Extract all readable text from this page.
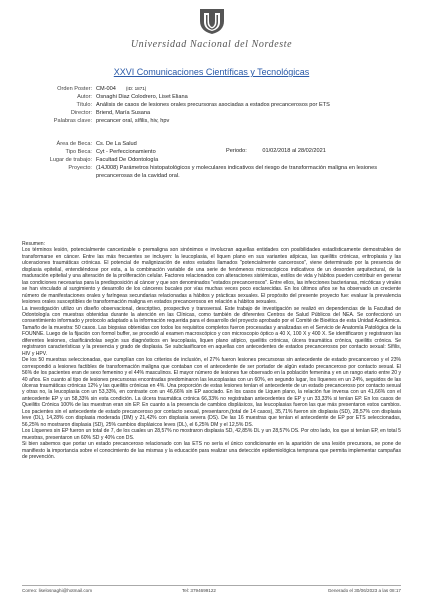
Universidad Nacional del Nordeste
XXVI Comunicaciones Científicas y Tecnológicas
Orden Poster: CM-004 (ID: 1871)
Autor: Osnaghi Diaz Colodrero, Liset Eliana
Título: Análisis de casos de lesiones orales precursoras asociadas a estados precancerosos por ETS
Director: Briend, María Susana
Palabras clave: precancer oral, sífilis, hiv, hpv
Área de Beca: Cs. De La Salud
Tipo Beca: Cyt - Perfeccionamiento
Lugar de trabajo: Facultad De Odontología
Proyecto: (14J008) Parámetros histopatológicos y moleculares indicativos del riesgo de transformación maligna en lesiones precancerosas de la cavidad oral.
Periodo:	01/02/2018 al 28/02/2021

Resumen:

Los términos lesión, potencialmente cancerizable o premaligna son sinónimos e involucran aquellas entidades con posibilidades estadísticamente demostrables de transformarse en cáncer. Entre las más frecuentes se incluyen: la leucoplasia, el liquen plano en sus variantes atípicas, las queilitis crónicas, eritroplasia y las ulceraciones traumáticas crónicas. El potencial de malignización de estos estados llamados "potencialmente cancerosos", viene determinado por la presencia de displasia epitelial, entendiéndose por esta, a la combinación variable de una serie de fenómenos microscópicos indicativos de un desorden arquitectural, de la maduración epitelial y una alteración de la proliferación celular. Factores relacionados con alteraciones sistémicas, estilos de vida y hábitos pueden contribuir en generar las condiciones necesarias para la predisposición al cáncer y que son denominados "estados precancerosos". Entre ellos, las infecciones bacterianas, micóticas y virales se han vinculado al surgimiento y desarrollo de los cánceres bucales por vías muchas veces poco esclarecidas. En los últimos años se ha observado un creciente número de manifestaciones orales y faríngeas secundarias relacionadas a hábitos y prácticas sexuales. El propósito del presente proyecto fue: evaluar la prevalencia lesiones orales susceptibles de transformación maligna en estados precancerosos en relación a hábitos sexuales.

La investigación utilizo un diseño observacional, descriptivo, prospectivo y transversal. Este trabajo de investigación se realizó en dependencias de la Facultad de Odontología con muestras obtenidas durante la atención en las Clínicas, como también de diferentes Centros de Salud Públicos del NEA. Se confeccionó un consentimiento informado y protocolo adaptado a la información requerida para el desarrollo del proyecto aprobado por el Comité de Bioética de esta Unidad Académica. Tamaño de la muestra: 50 casos. Las biopsias obtenidas con todos los requisitos completos fueron procesadas y analizadas en el Servicio de Anatomía Patológica de la FOUNNE. Luego de la fijación con formol buffer, se procedió al examen macroscópico y con microscopio óptico a 40 X, 100 X y 400 X. Se identificaron y registraron las diferentes lesiones, clasificándolas según sus diagnósticos en leucoplasia, liquen plano atípico, queilitis crónicas, úlcera traumática crónica, queilitis crónica. Se registraron características y la presencia y grado de displasia. Se subclasificaron en aquellas con antecedentes de estados precancerosos por contacto sexual: Sífilis, HIV y HPV.

De los 50 muestras seleccionadas, que cumplían con los criterios de inclusión, el 27% fueron lesiones precursoras sin antecedente de estado precanceroso y el 23% correspondió a lesiones factibles de transformación maligna que contaban con el antecedente de ser portador de algún estado precanceroso por contacto sexual. El 56% de los pacientes eran de sexo femenino y el 44% masculinos. El mayor número de lesiones fue observado en la población femenina y en un rango etario entre 20 y 40 años. En cuanto al tipo de lesiones precursoras encontradas predominaron las leucoplasias con un 60%, en segundo lugar, los líquenes en un 24%, seguidos de las úlceras traumáticas crónicas 12% y las queilitis crónicas en 4%. Una proporción de estas lesiones tenían el antecedente de un estado precanceroso por contacto sexual y otras no, la leucoplasia con un 53,33%, en contraste con un 46,66% sin EP asociado. En los casos de Liquen plano, la relación fue inversa con un 41,66% con el antecedente EP y un 58,33% sin esta condición. La úlcera traumática crónica 66,33% no registraban antecedentes de EP y un 33,33% si tenían EP. En los casos de Queilitis Crónica 100% de las muestran eran sin EP. En cuanto a la presencia de cambios displásicos, las leucoplasias fueron las que más presentaron estos cambios. Los pacientes sin el antecedente de estado precanceroso por contacto sexual, presentaron,(total de 14 casos), 35,71% fueron sin displasia (SD), 28,57% con displasia leve (DL), 14,28% con displasia moderada (DM) y 21,42% con displasia severa (DS). De las 16 muestras que tenían el antecedente de EP por ETS seleccionadas, 56,25% no mostraron displasia (SD), 25% cambios displásicos leves (DL), el 6,25% DM y el 12,5% DS.

Los Líquenes sin EP fueron un total de 7, de los cuales un 28,57% no mostraron displasia SD, 42,85% DL y un 28,57% DS. Por otro lado, los que si tenían EP, en total 5 muestras, presentaron un 60% SD y 40% con DS.

Si bien sabemos que portar un estado precanceroso relacionado con las ETS no sería el único condicionante en la aparición de una lesión precursora, se pone de manifiesto la importancia sobre el conocimiento de las mismas y la educación para realizar una detección epidemiológica temprana que permita implementar campañas de prevención.

Correo: liselosnaghi@hotmail.com	Tel: 3794699122	Generado el 30/06/2023 a las 08:17
